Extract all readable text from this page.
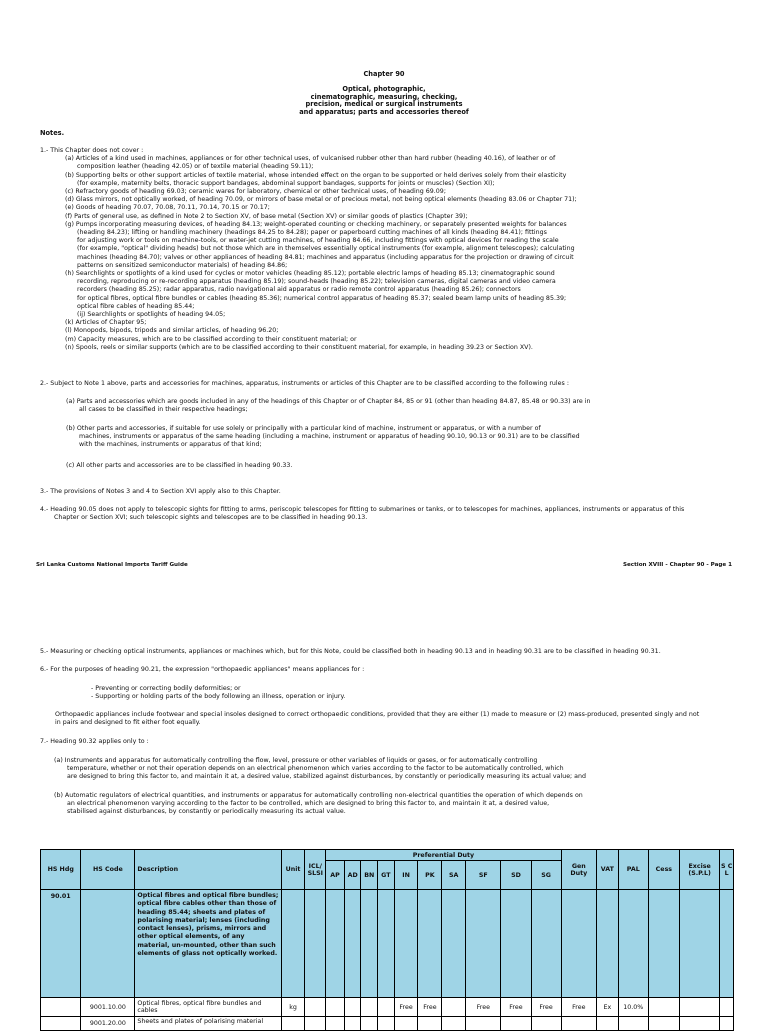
Chapter 90
Optical, photographic,
cinematographic, measuring, checking,
precision, medical or surgical instruments
and apparatus; parts and accessories thereof
Notes.
1.- This Chapter does not cover :
(a) Articles of a kind used in machines, appliances or for other technical uses, of vulcanised rubber other than hard rubber (heading 40.16), of leather or of
composition leather (heading 42.05) or of textile material (heading 59.11);
(b) Supporting belts or other support articles of textile material, whose intended effect on the organ to be supported or held derives solely from their elasticity
(for example, maternity belts, thoracic support bandages, abdominal support bandages, supports for joints or muscles) (Section XI);
(c) Refractory goods of heading 69.03; ceramic wares for laboratory, chemical or other technical uses, of heading 69.09;
(d) Glass mirrors, not optically worked, of heading 70.09, or mirrors of base metal or of precious metal, not being optical elements (heading 83.06 or Chapter 71);
(e) Goods of heading 70.07, 70.08, 70.11, 70.14, 70.15 or 70.17;
(f) Parts of general use, as defined in Note 2 to Section XV, of base metal (Section XV) or similar goods of plastics (Chapter 39);
(g) Pumps incorporating measuring devices, of heading 84.13; weight-operated counting or checking machinery, or separately presented weights for balances
(heading 84.23); lifting or handling machinery (headings 84.25 to 84.28); paper or paperboard cutting machines of all kinds (heading 84.41); fittings
for adjusting work or tools on machine-tools, or water-jet cutting machines, of heading 84.66, including fittings with optical devices for reading the scale
(for example, "optical" dividing heads) but not those which are in themselves essentially optical instruments (for example, alignment telescopes); calculating
machines (heading 84.70); valves or other appliances of heading 84.81; machines and apparatus (including apparatus for the projection or drawing of circuit
patterns on sensitized semiconductor materials) of heading 84.86;
(h) Searchlights or spotlights of a kind used for cycles or motor vehicles (heading 85.12); portable electric lamps of heading 85.13; cinematographic sound
recording, reproducing or re-recording apparatus (heading 85.19); sound-heads (heading 85.22); television cameras, digital cameras and video camera
recorders (heading 85.25); radar apparatus, radio navigational aid apparatus or radio remote control apparatus (heading 85.26); connectors
for optical fibres, optical fibre bundles or cables (heading 85.36); numerical control apparatus of heading 85.37; sealed beam lamp units of heading 85.39;
optical fibre cables of heading 85.44;
(ij) Searchlights or spotlights of heading 94.05;
(k) Articles of Chapter 95;
(l) Monopods, bipods, tripods and similar articles, of heading 96.20;
(m) Capacity measures, which are to be classified according to their constituent material; or
(n) Spools, reels or similar supports (which are to be classified according to their constituent material, for example, in heading 39.23 or Section XV).
2.- Subject to Note 1 above, parts and accessories for machines, apparatus, instruments or articles of this Chapter are to be classified according to the following rules :
(a) Parts and accessories which are goods included in any of the headings of this Chapter or of Chapter 84, 85 or 91 (other than heading 84.87, 85.48 or 90.33) are in
all cases to be classified in their respective headings;
(b) Other parts and accessories, if suitable for use solely or principally with a particular kind of machine, instrument or apparatus, or with a number of
machines, instruments or apparatus of the same heading (including a machine, instrument or apparatus of heading 90.10, 90.13 or 90.31) are to be classified
with the machines, instruments or apparatus of that kind;
(c) All other parts and accessories are to be classified in heading 90.33.
3.- The provisions of Notes 3 and 4 to Section XVI apply also to this Chapter.
4.- Heading 90.05 does not apply to telescopic sights for fitting to arms, periscopic telescopes for fitting to submarines or tanks, or to telescopes for machines, appliances, instruments or apparatus of this
Chapter or Section XVI; such telescopic sights and telescopes are to be classified in heading 90.13.
Sri Lanka Customs National Imports Tariff Guide	Section XVIII - Chapter 90 - Page 1
5.- Measuring or checking optical instruments, appliances or machines which, but for this Note, could be classified both in heading 90.13 and in heading 90.31 are to be classified in heading 90.31.
6.- For the purposes of heading 90.21, the expression "orthopaedic appliances" means appliances for :
- Preventing or correcting bodily deformities; or
- Supporting or holding parts of the body following an illness, operation or injury.
Orthopaedic appliances include footwear and special insoles designed to correct orthopaedic conditions, provided that they are either (1) made to measure or (2) mass-produced, presented singly and not
in pairs and designed to fit either foot equally.
7.- Heading 90.32 applies only to :
(a) Instruments and apparatus for automatically controlling the flow, level, pressure or other variables of liquids or gases, or for automatically controlling
temperature, whether or not their operation depends on an electrical phenomenon which varies according to the factor to be automatically controlled, which
are designed to bring this factor to, and maintain it at, a desired value, stabilized against disturbances, by constantly or periodically measuring its actual value; and
(b) Automatic regulators of electrical quantities, and instruments or apparatus for automatically controlling non-electrical quantities the operation of which depends on
an electrical phenomenon varying according to the factor to be controlled, which are designed to bring this factor to, and maintain it at, a desired value,
stabilised against disturbances, by constantly or periodically measuring its actual value.
HS Hdg	HS Code	Description	Unit	ICL/ SLSI	Preferential Duty										Gen Duty	VAT	PAL	Cess	Excise (S.P.L)	S C L
					AP	AD	BN	GT	IN	PK	SA	SF	SD	SG						
90.01		Optical fibres and optical fibre bundles; optical fibre cables other than those of heading 85.44; sheets and plates of polarising material; lenses (including contact lenses), prisms, mirrors and other optical elements, of any material, un-mounted, other than such elements of glass not optically worked.																		
	9001.10.00	Optical fibres, optical fibre bundles and cables	kg						Free	Free		Free	Free	Free	Free	Ex	10.0%			
	9001.20.00	Sheets and plates of polarising material																		
